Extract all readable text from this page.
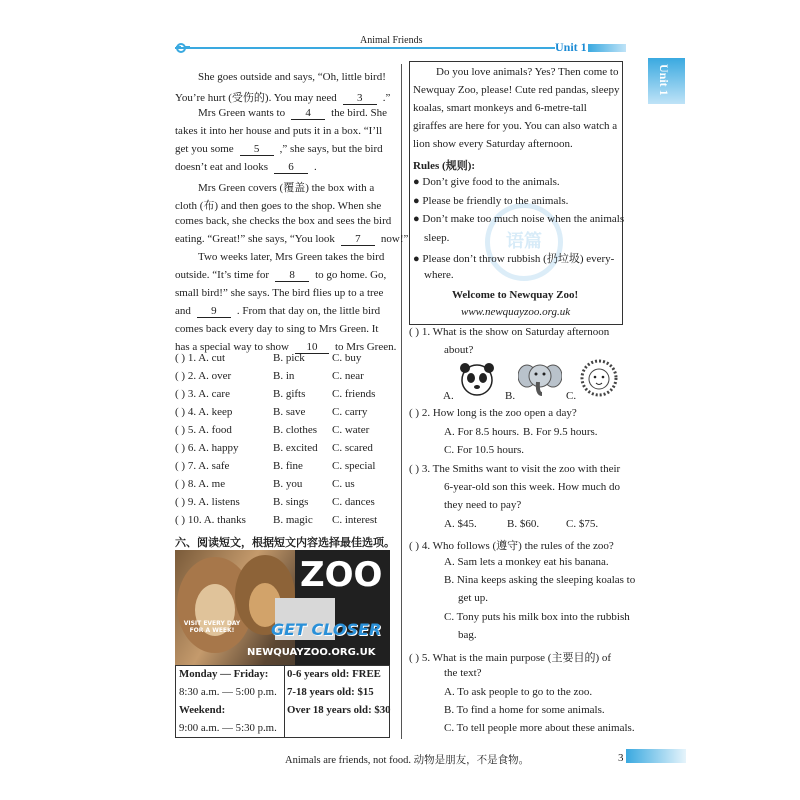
Animal Friends	Unit 1
Unit 1
She goes outside and says, “Oh, little bird!
You’re hurt (受伤的). You may need 3 .”
Mrs Green wants to 4 the bird. She
takes it into her house and puts it in a box. “I’ll
get you some 5 ,” she says, but the bird
doesn’t eat and looks 6 .
Mrs Green covers (覆盖) the box with a
cloth (布) and then goes to the shop. When she
comes back, she checks the box and sees the bird
eating. “Great!” she says, “You look 7 now!”
Two weeks later, Mrs Green takes the bird
outside. “It’s time for 8 to go home. Go,
small bird!” she says. The bird flies up to a tree
and 9 . From that day on, the little bird
comes back every day to sing to Mrs Green. It
has a special way to show 10 to Mrs Green.
( ) 1. A. cut	B. pick C. buy
( ) 2. A. over	B. in	C. near
( ) 3. A. care	B. gifts C. friends
( ) 4. A. keep	B. save C. carry
( ) 5. A. food	B. clothes C. water
( ) 6. A. happy	B. excited C. scared
( ) 7. A. safe	B. fine	C. special
( ) 8. A. me	B. you	C. us
( ) 9. A. listens	B. sings C. dances
( ) 10. A. thanks B. magic C. interest
六、阅读短文，根据短文内容选择最佳选项。
ZOO
VISIT EVERY DAY FOR A WEEK!	GET CLOSER
NEWQUAYZOO.ORG.UK
Monday — Friday:
8:30 a.m. — 5:00 p.m.
Weekend:
9:00 a.m. — 5:30 p.m.
0-6 years old: FREE
7-18 years old: $15
Over 18 years old: $30
语篇
Do you love animals? Yes? Then come to
Newquay Zoo, please! Cute red pandas, sleepy
koalas, smart monkeys and 6-metre-tall
giraffes are here for you. You can also watch a
lion show every Saturday afternoon.
Rules (规则):
● Don’t give food to the animals.
● Please be friendly to the animals.
● Don’t make too much noise when the animals
sleep.
● Please don’t throw rubbish (扔垃圾) every-
where.
Welcome to Newquay Zoo!
www.newquayzoo.org.uk
( ) 1. What is the show on Saturday afternoon
about?
A.	B.	C.
( ) 2. How long is the zoo open a day?
A. For 8.5 hours. B. For 9.5 hours.
C. For 10.5 hours.
( ) 3. The Smiths want to visit the zoo with their
6-year-old son this week. How much do
they need to pay?
A. $45.	B. $60. C. $75.
( ) 4. Who follows (遵守) the rules of the zoo?
A. Sam lets a monkey eat his banana.
B. Nina keeps asking the sleeping koalas to
get up.
C. Tony puts his milk box into the rubbish
bag.
( ) 5. What is the main purpose (主要目的) of
the text?
A. To ask people to go to the zoo.
B. To find a home for some animals.
C. To tell people more about these animals.
Animals are friends, not food. 动物是朋友，不是食物。	3
